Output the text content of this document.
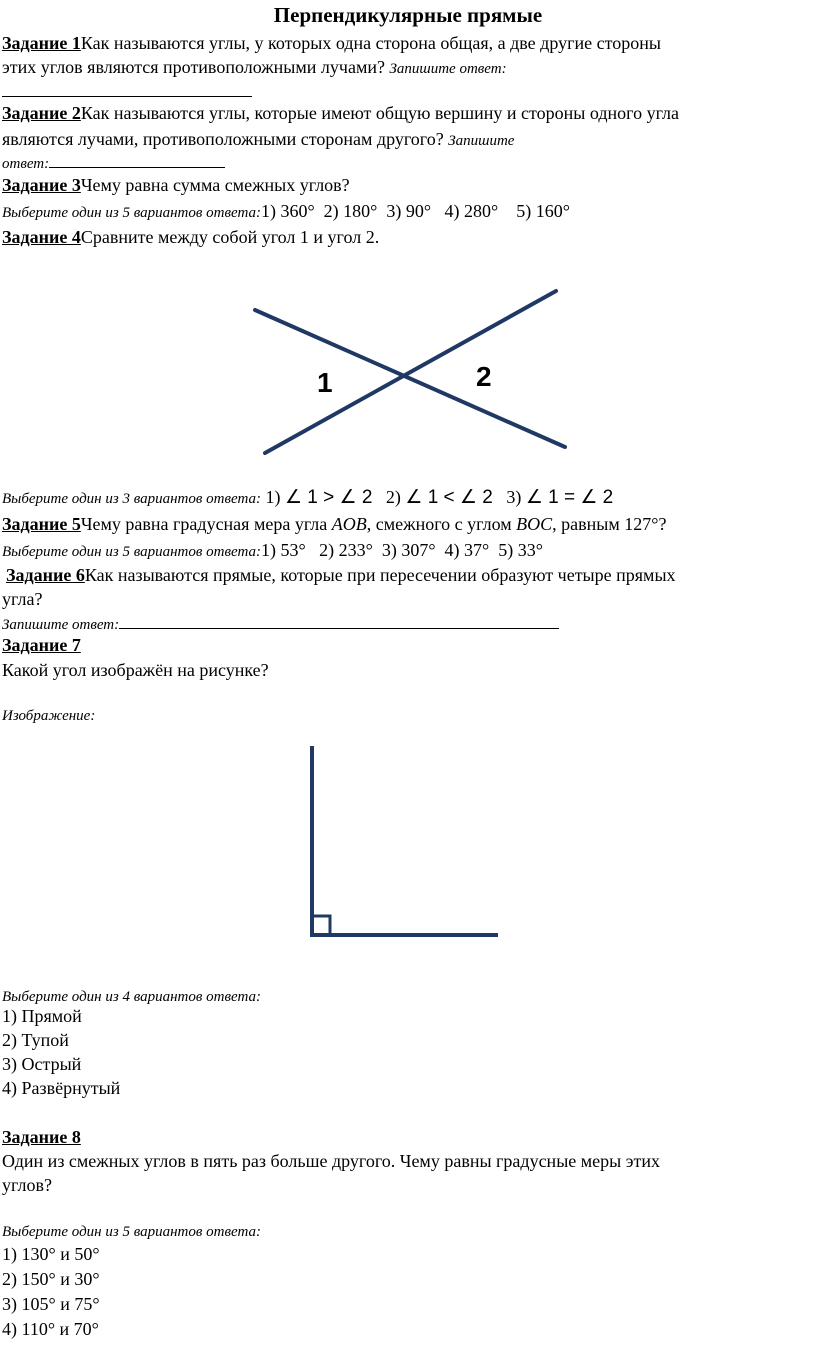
Перпендикулярные прямые
Задание 1Как называются углы, у которых одна сторона общая, а две другие стороны
этих углов являются противоположными лучами? Запишите ответ:
Задание 2Как называются углы, которые имеют общую вершину и стороны одного угла
являются лучами, противоположными сторонам другого? Запишите
ответ:
Задание 3Чему равна сумма смежных углов?
Выберите один из 5 вариантов ответа:1) 360°  2) 180°  3) 90°   4) 280°    5) 160°
Задание 4Сравните между собой угол 1 и угол 2.
1	2
Выберите один из 3 вариантов ответа: 1) ∠ 1 > ∠ 2 2) ∠ 1 < ∠ 2 3) ∠ 1 = ∠ 2
Задание 5Чему равна градусная мера угла AOB, смежного с углом BOC, равным 127°?
Выберите один из 5 вариантов ответа:1) 53°   2) 233°  3) 307°  4) 37°  5) 33°
Задание 6Как называются прямые, которые при пересечении образуют четыре прямых
угла?
Запишите ответ:
Задание 7
Какой угол изображён на рисунке?
Изображение:
Выберите один из 4 вариантов ответа:
1) Прямой
2) Тупой
3) Острый
4) Развёрнутый
Задание 8
Один из смежных углов в пять раз больше другого. Чему равны градусные меры этих
углов?
Выберите один из 5 вариантов ответа:
1) 130° и 50°
2) 150° и 30°
3) 105° и 75°
4) 110° и 70°
